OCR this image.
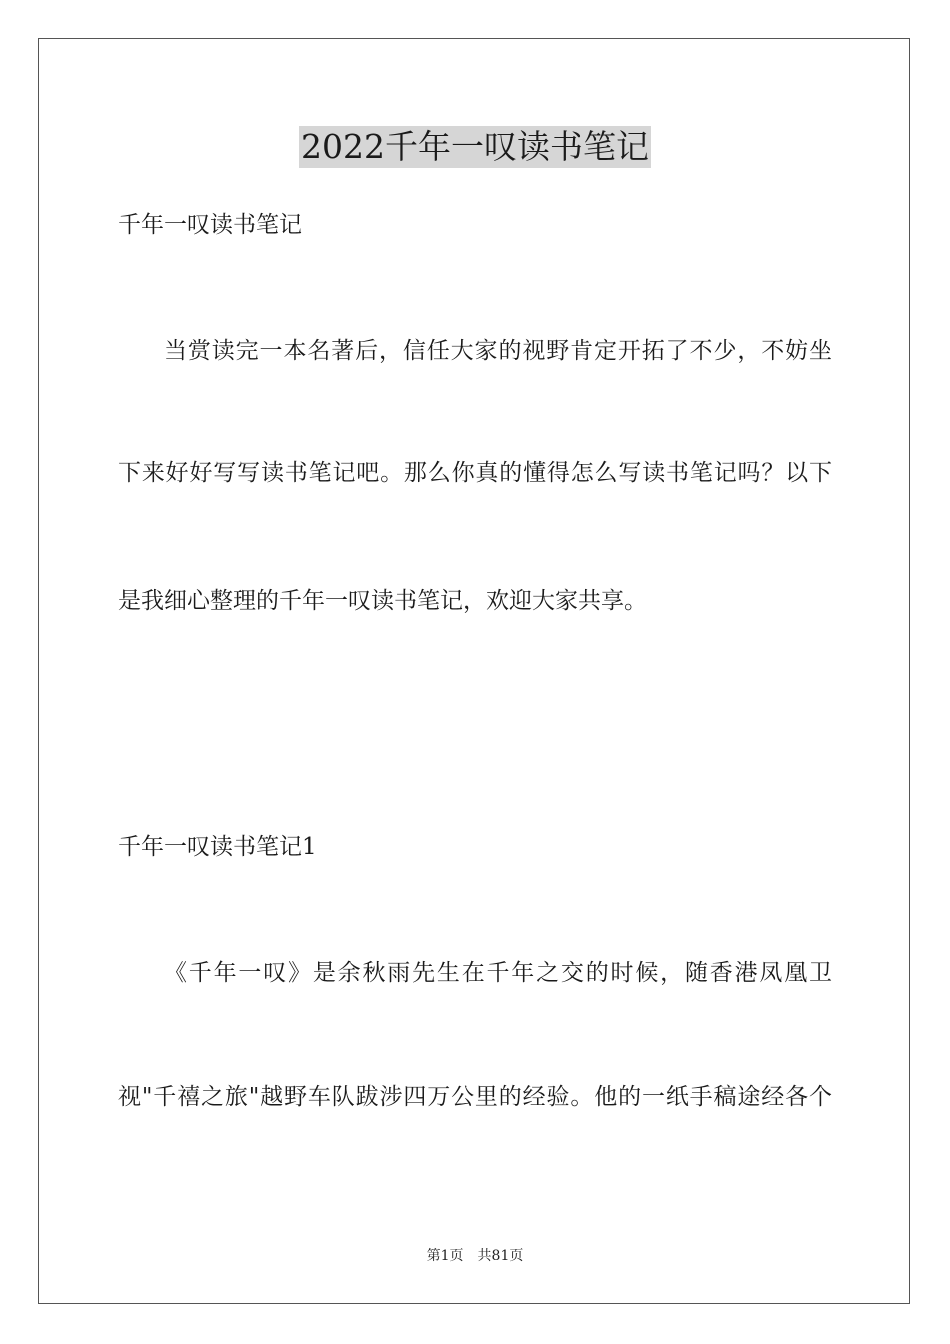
2022千年一叹读书笔记
千年一叹读书笔记
当赏读完一本名著后，信任大家的视野肯定开拓了不少，不妨坐
下来好好写写读书笔记吧。那么你真的懂得怎么写读书笔记吗？以下
是我细心整理的千年一叹读书笔记，欢迎大家共享。
千年一叹读书笔记1
《千年一叹》是余秋雨先生在千年之交的时候，随香港凤凰卫
视"千禧之旅"越野车队跋涉四万公里的经验。他的一纸手稿途经各个
第1页 共81页
